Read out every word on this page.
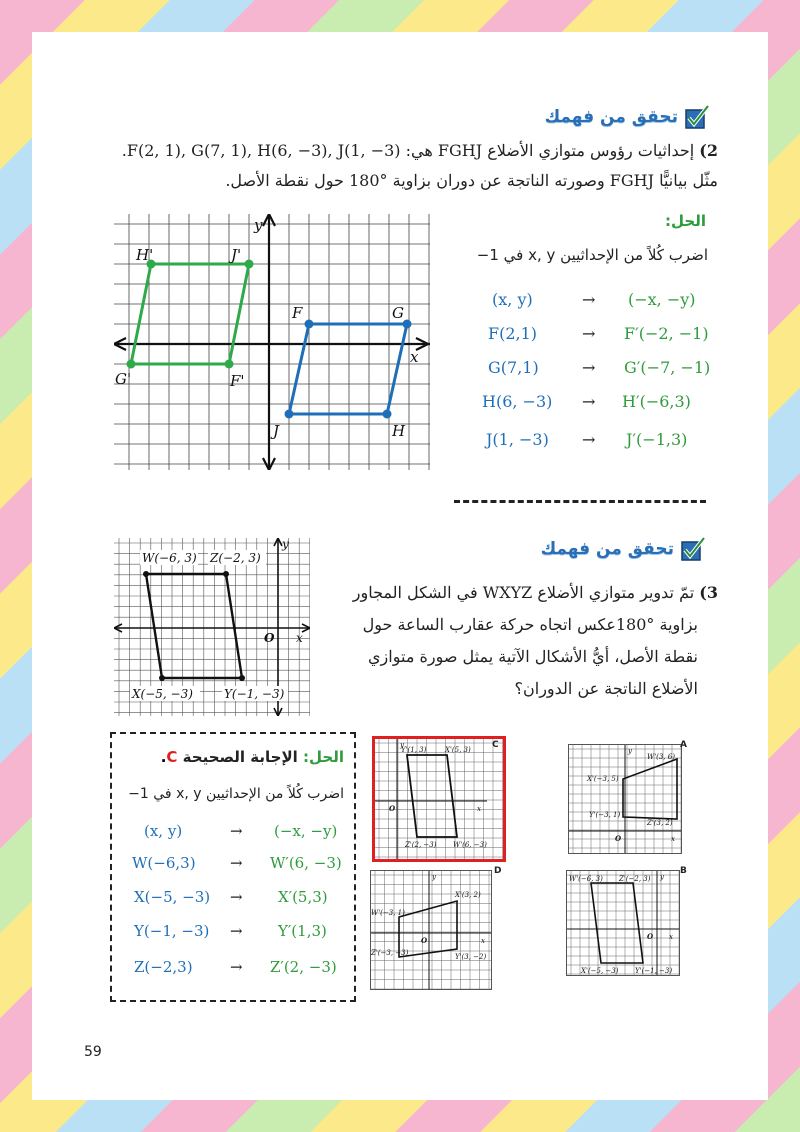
تحقق من فهمك
2) إحداثيات رؤوس متوازي الأضلاع FGHJ هي: F(2, 1), G(7, 1), H(6, −3), J(1, −3).
مثّل بيانيًّا FGHJ وصورته الناتجة عن دوران بزاوية °180 حول نقطة الأصل.
H'	J'
G'	F'
F	G
H
J
x
y	الحل:
اضرب كُلاً من الإحداثيين x, y في 1−
(x, y)	→ (−x, −y)
F(2,1)	→ F′(−2, −1)
G(7,1)	→ G′(−7, −1)
H(6, −3) → H′(−6,3)
J(1, −3) → J′(−1,3)
تحقق من فهمك
W(−6, 3) Z(−2, 3)
X(−5, −3)	Y(−1, −3)
O x
y
3) تمّ تدوير متوازي الأضلاع WXYZ في الشكل المجاور
بزاوية °180عكس اتجاه حركة عقارب الساعة حول
نقطة الأصل، أيُّ الأشكال الآتية يمثل صورة متوازي
الأضلاع الناتجة عن الدوران؟
الحل: الإجابة الصحيحة C.
اضرب كُلاً من الإحداثيين x, y في 1−
(x, y)	→ (−x, −y)
W(−6,3) → W′(6, −3)
X(−5, −3) → X′(5,3)
Y(−1, −3) → Y′(1,3)
Z(−2,3) → Z′(2, −3)
Y'(1, 3)	X'(5, 3)
O	x
Z'(2, −3) W'(6, −3)
y	C
W'(3, 6)
X'(−3, 5)
Y'(−3, 1)
Z'(3, 2)
O	x
y
A
X'(3, 2)
W'(−3, 1)
Z'(−3, −3)	Y'(3, −2)
O	x
y
D
W'(−6, 3) Z'(−2, 3)
X'(−5, −3) Y'(−1, −3)
O x
y
B
59
